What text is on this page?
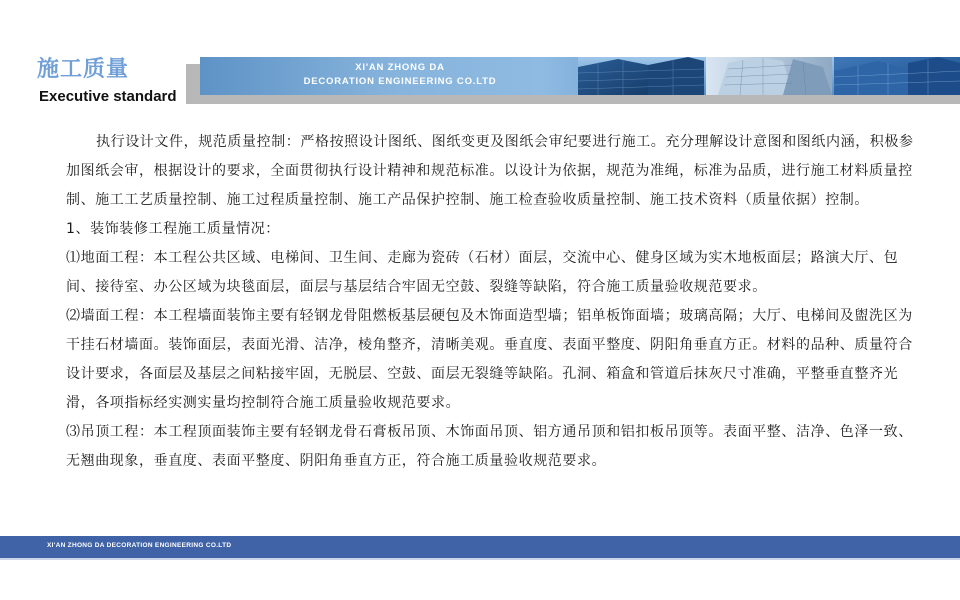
施工质量
Executive standard
XI'AN ZHONG DA
DECORATION ENGINEERING CO.LTD

执行设计文件，规范质量控制：严格按照设计图纸、图纸变更及图纸会审纪要进行施工。充分理解设计意图和图纸内涵，积极参加图纸会审，根据设计的要求，全面贯彻执行设计精神和规范标准。以设计为依据，规范为准绳，标准为品质，进行施工材料质量控制、施工工艺质量控制、施工过程质量控制、施工产品保护控制、施工检查验收质量控制、施工技术资料（质量依据）控制。

1、装饰装修工程施工质量情况：

⑴地面工程：本工程公共区域、电梯间、卫生间、走廊为瓷砖（石材）面层，交流中心、健身区域为实木地板面层；路演大厅、包间、接待室、办公区域为块毯面层，面层与基层结合牢固无空鼓、裂缝等缺陷，符合施工质量验收规范要求。

⑵墙面工程：本工程墙面装饰主要有轻钢龙骨阻燃板基层硬包及木饰面造型墙；铝单板饰面墙；玻璃高隔；大厅、电梯间及盥洗区为干挂石材墙面。装饰面层，表面光滑、洁净，棱角整齐，清晰美观。垂直度、表面平整度、阴阳角垂直方正。材料的品种、质量符合设计要求，各面层及基层之间粘接牢固，无脱层、空鼓、面层无裂缝等缺陷。孔洞、箱盒和管道后抹灰尺寸准确，平整垂直整齐光滑，各项指标经实测实量均控制符合施工质量验收规范要求。

⑶吊顶工程：本工程顶面装饰主要有轻钢龙骨石膏板吊顶、木饰面吊顶、铝方通吊顶和铝扣板吊顶等。表面平整、洁净、色泽一致、无翘曲现象，垂直度、表面平整度、阴阳角垂直方正，符合施工质量验收规范要求。

XI'AN ZHONG DA DECORATION ENGINEERING CO.LTD
